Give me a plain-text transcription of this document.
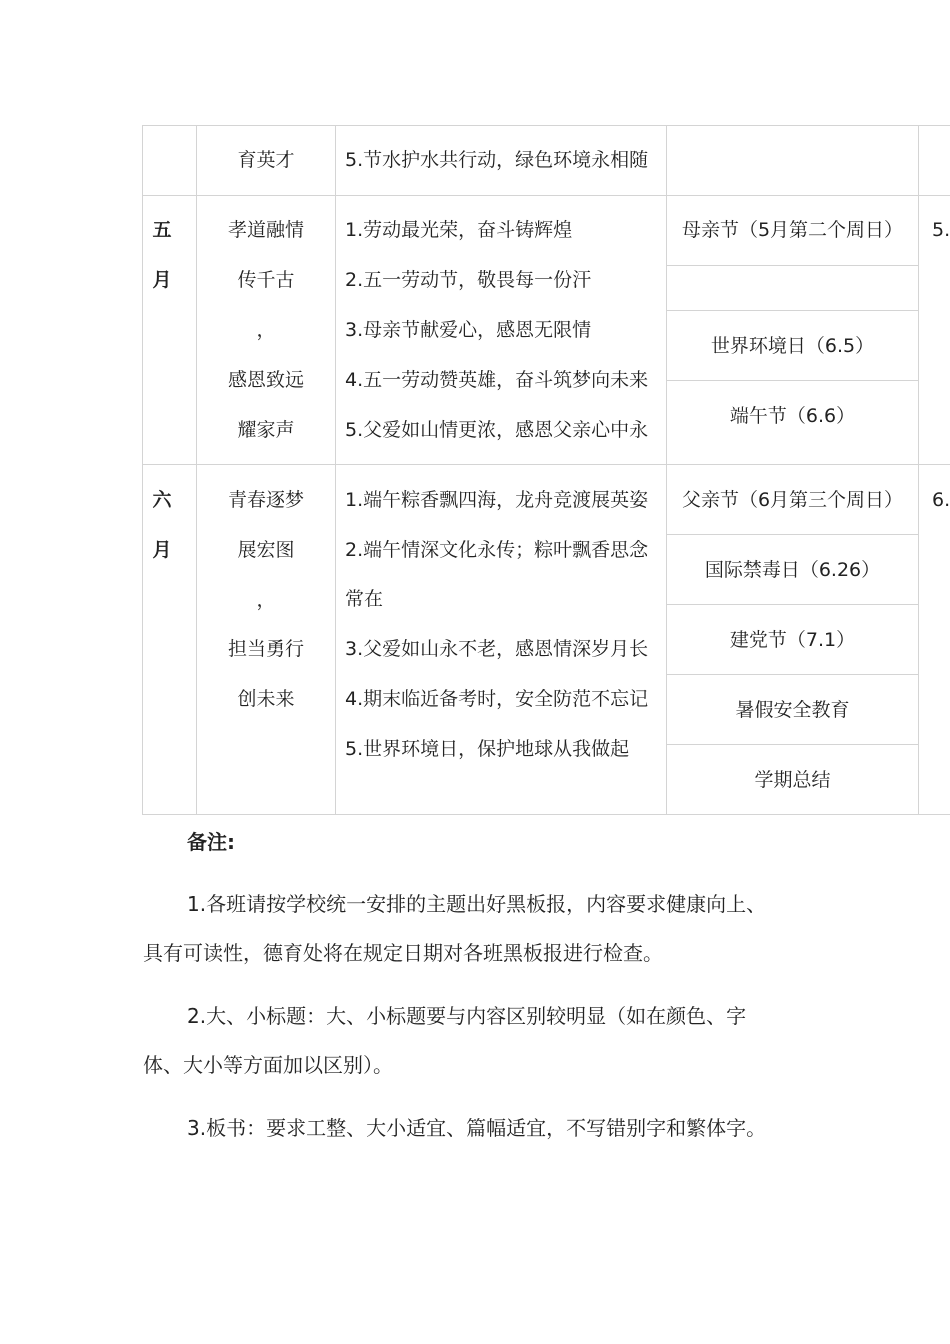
育英才	5.节水护水共行动，绿色环境永相随
五
月
孝道融情
传千古
，
感恩致远
耀家声
1.劳动最光荣，奋斗铸辉煌
2.五一劳动节，敬畏每一份汗
3.母亲节献爱心，感恩无限情
4.五一劳动赞英雄，奋斗筑梦向未来
5.父爱如山情更浓，感恩父亲心中永
母亲节（5月第二个周日）
世界环境日（6.5）
端午节（6.6）
5.
六
月
青春逐梦
展宏图
，
担当勇行
创未来
1.端午粽香飘四海，龙舟竞渡展英姿
2.端午情深文化永传；粽叶飘香思念
常在
3.父爱如山永不老，感恩情深岁月长
4.期末临近备考时，安全防范不忘记
5.世界环境日，保护地球从我做起
父亲节（6月第三个周日）
国际禁毒日（6.26）
建党节（7.1）
暑假安全教育
学期总结
6.
备注:
1.各班请按学校统一安排的主题出好黑板报，内容要求健康向上、
具有可读性，德育处将在规定日期对各班黑板报进行检查。
2.大、小标题：大、小标题要与内容区别较明显（如在颜色、字
体、大小等方面加以区别）。
3.板书：要求工整、大小适宜、篇幅适宜，不写错别字和繁体字。
